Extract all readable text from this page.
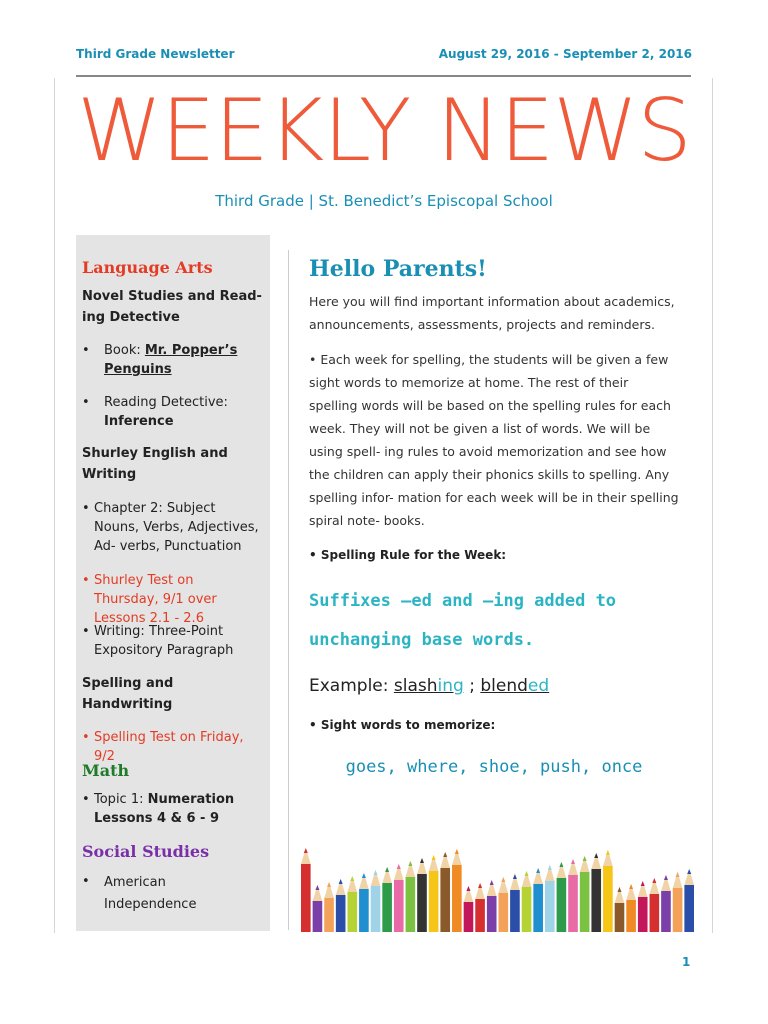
Third Grade Newsletter	August 29, 2016 - September 2, 2016
WEEKLY NEWS
Third Grade | St. Benedict’s Episcopal School
Language Arts
Novel Studies and Read- ing Detective
•	Book: Mr. Popper’s Penguins
•	Reading Detective: Inference
Shurley English and Writing
• Chapter 2: Subject Nouns, Verbs, Adjectives, Ad- verbs, Punctuation
• Shurley Test on Thursday, 9/1 over Lessons 2.1 - 2.6
• Writing: Three-Point Expository Paragraph
Spelling and Handwriting
• Spelling Test on Friday, 9/2
Math
• Topic 1: Numeration Lessons 4 & 6 - 9
Social Studies
•	American Independence
Hello Parents!
Here you will find important information about academics, announcements, assessments, projects and reminders.
• Each week for spelling, the students will be given a few sight words to memorize at home. The rest of their spelling words will be based on the spelling rules for each week. They will not be given a list of words. We will be using spell- ing rules to avoid memorization and see how the children can apply their phonics skills to spelling. Any spelling infor- mation for each week will be in their spelling spiral note- books.
• Spelling Rule for the Week:
Suffixes –ed and –ing added to
unchanging base words.
Example: slashing ; blended
• Sight words to memorize:
goes, where, shoe, push, once
1
